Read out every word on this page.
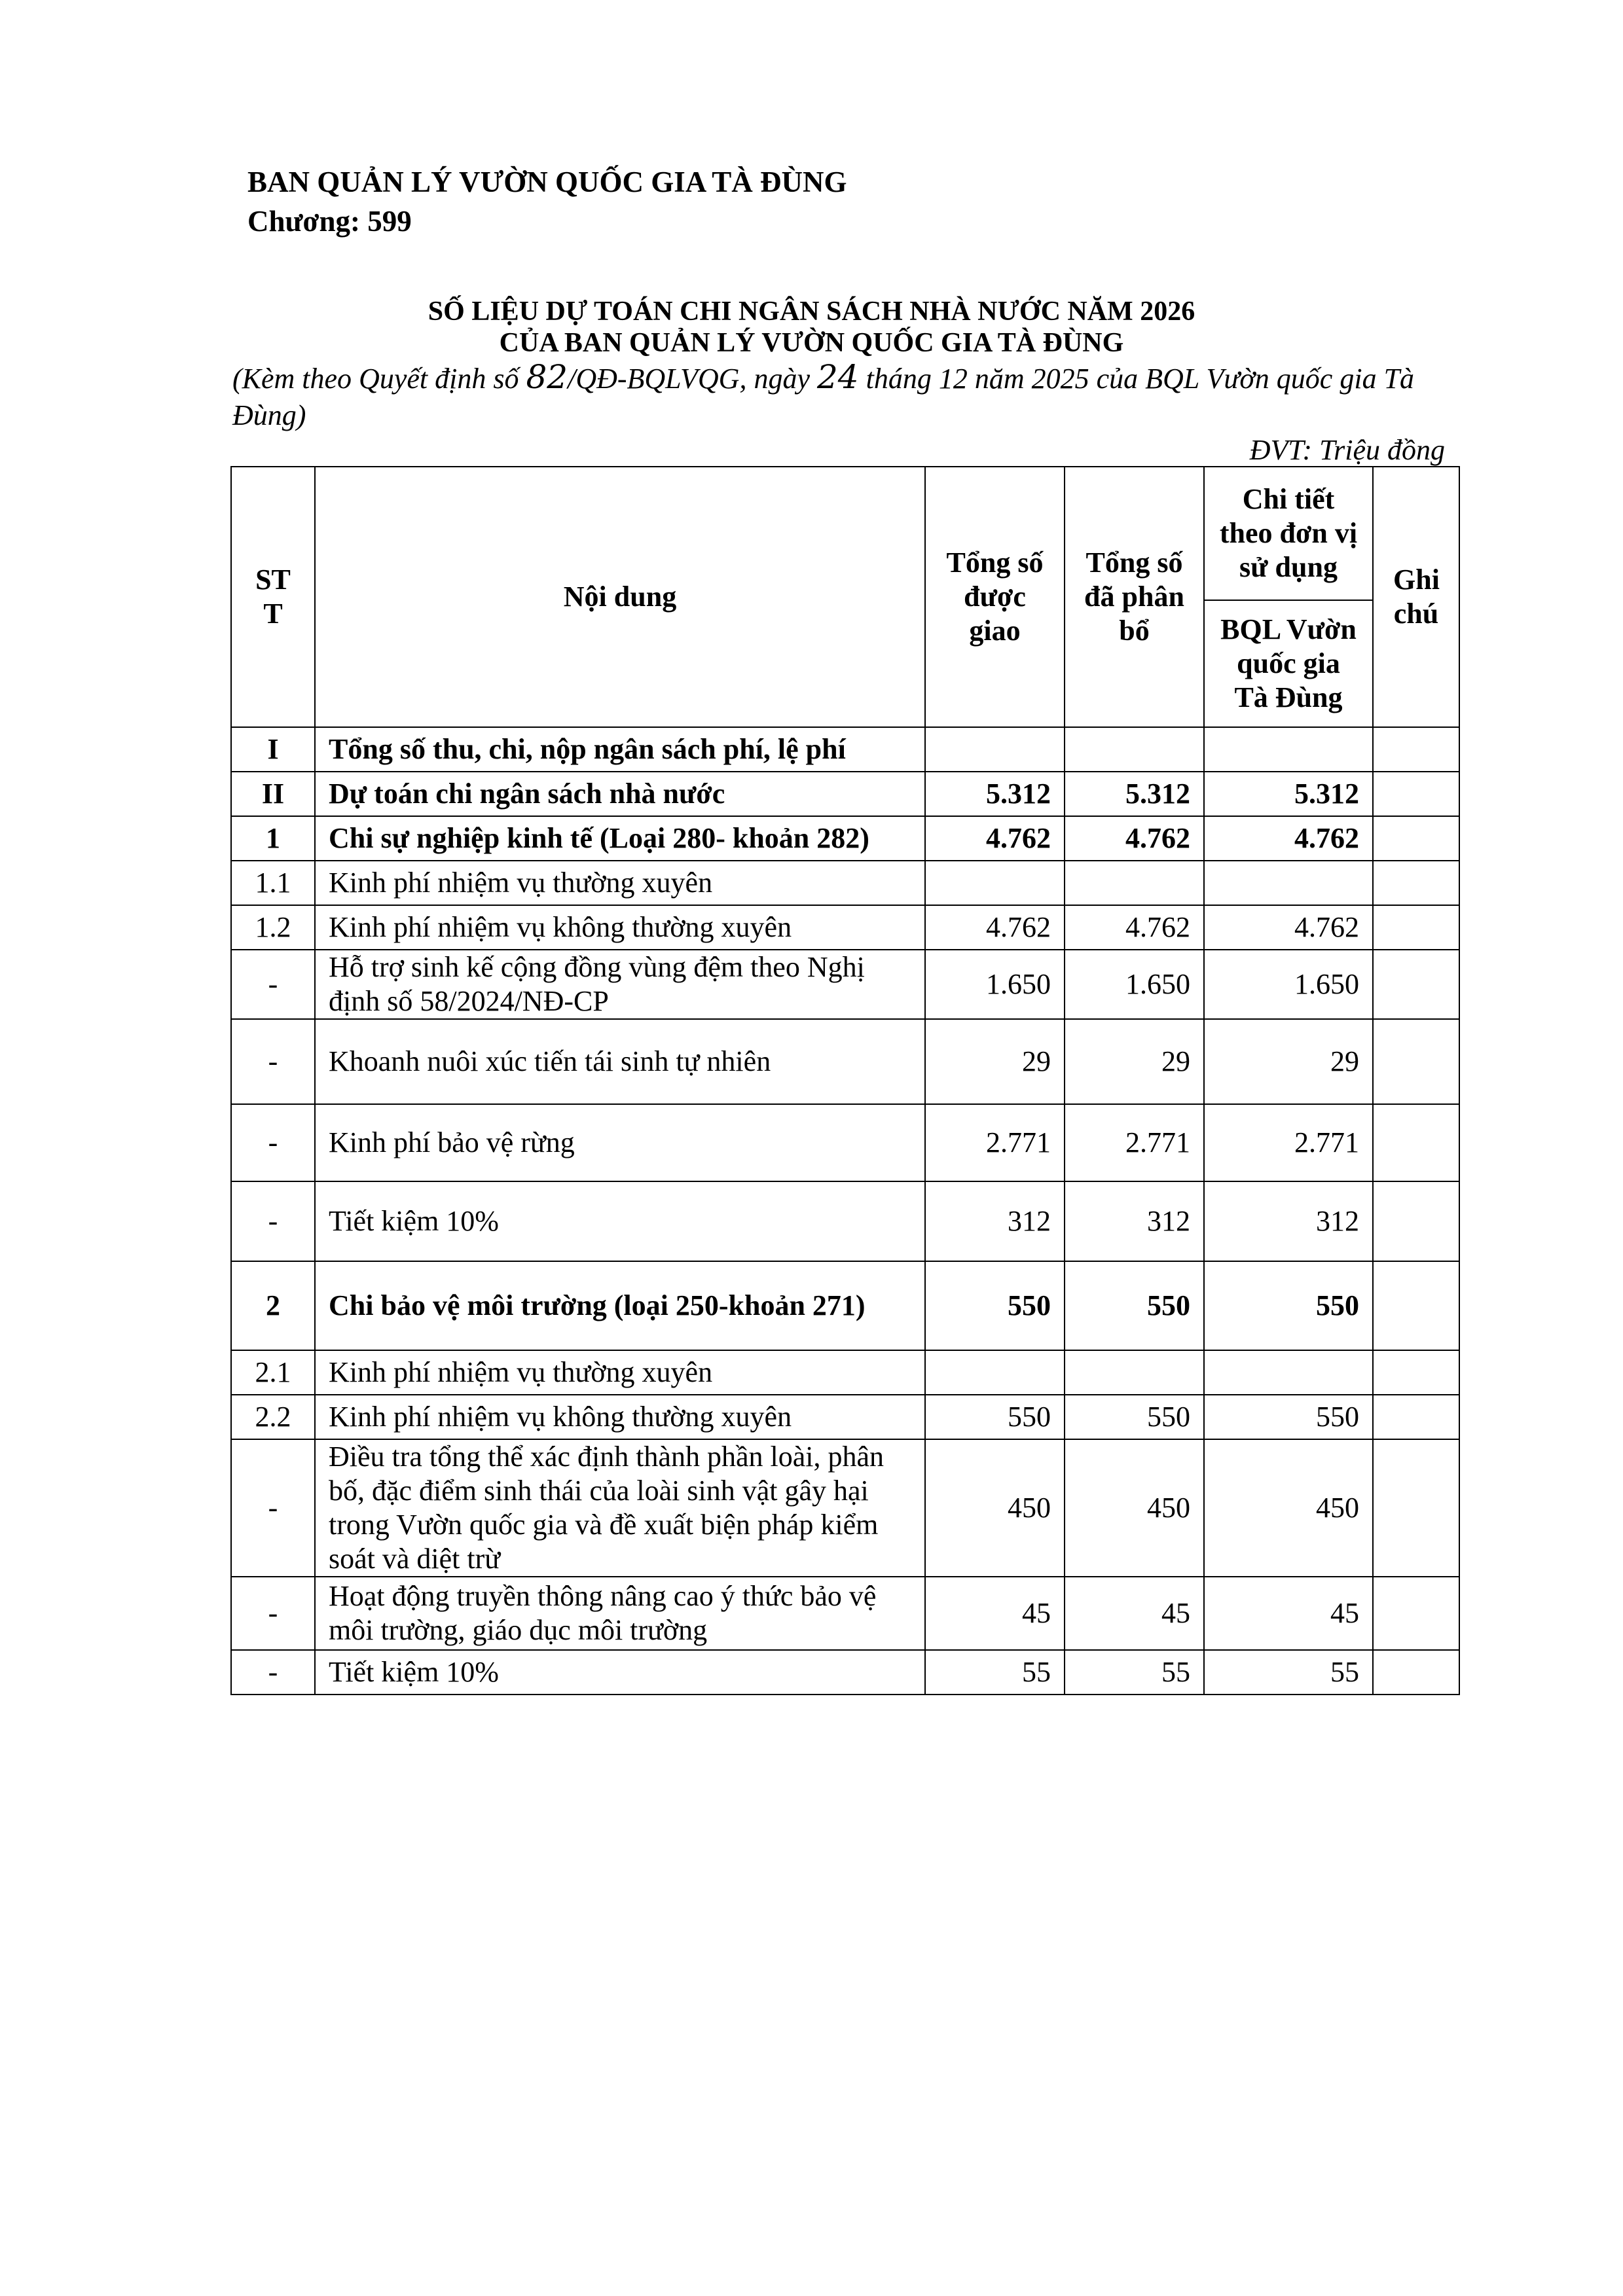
BAN QUẢN LÝ VƯỜN QUỐC GIA TÀ ĐÙNG
Chương: 599
SỐ LIỆU DỰ TOÁN CHI NGÂN SÁCH NHÀ NƯỚC NĂM 2026
CỦA BAN QUẢN LÝ VƯỜN QUỐC GIA TÀ ĐÙNG
(Kèm theo Quyết định số 82/QĐ-BQLVQG, ngày 24 tháng 12 năm 2025 của BQL Vườn quốc gia Tà Đùng)
ĐVT: Triệu đồng
ST T	Nội dung	Tổng số được giao	Tổng số đã phân bổ	Chi tiết theo đơn vị sử dụng	Ghi chú
				BQL Vườn quốc gia Tà Đùng	
I	Tổng số thu, chi, nộp ngân sách phí, lệ phí				
II	Dự toán chi ngân sách nhà nước	5.312	5.312	5.312	
1	Chi sự nghiệp kinh tế (Loại 280- khoản 282)	4.762	4.762	4.762	
1.1	Kinh phí nhiệm vụ thường xuyên				
1.2	Kinh phí nhiệm vụ không thường xuyên	4.762	4.762	4.762	
-	Hỗ trợ sinh kế cộng đồng vùng đệm theo Nghị định số 58/2024/NĐ-CP	1.650	1.650	1.650	
-	Khoanh nuôi xúc tiến tái sinh tự nhiên	29	29	29	
-	Kinh phí bảo vệ rừng	2.771	2.771	2.771	
-	Tiết kiệm 10%	312	312	312	
2	Chi bảo vệ môi trường (loại 250-khoản 271)	550	550	550	
2.1	Kinh phí nhiệm vụ thường xuyên				
2.2	Kinh phí nhiệm vụ không thường xuyên	550	550	550	
-	Điều tra tổng thể xác định thành phần loài, phân bố, đặc điểm sinh thái của loài sinh vật gây hại trong Vườn quốc gia và đề xuất biện pháp kiểm soát và diệt trừ	450	450	450	
-	Hoạt động truyền thông nâng cao ý thức bảo vệ môi trường, giáo dục môi trường	45	45	45	
-	Tiết kiệm 10%	55	55	55	
